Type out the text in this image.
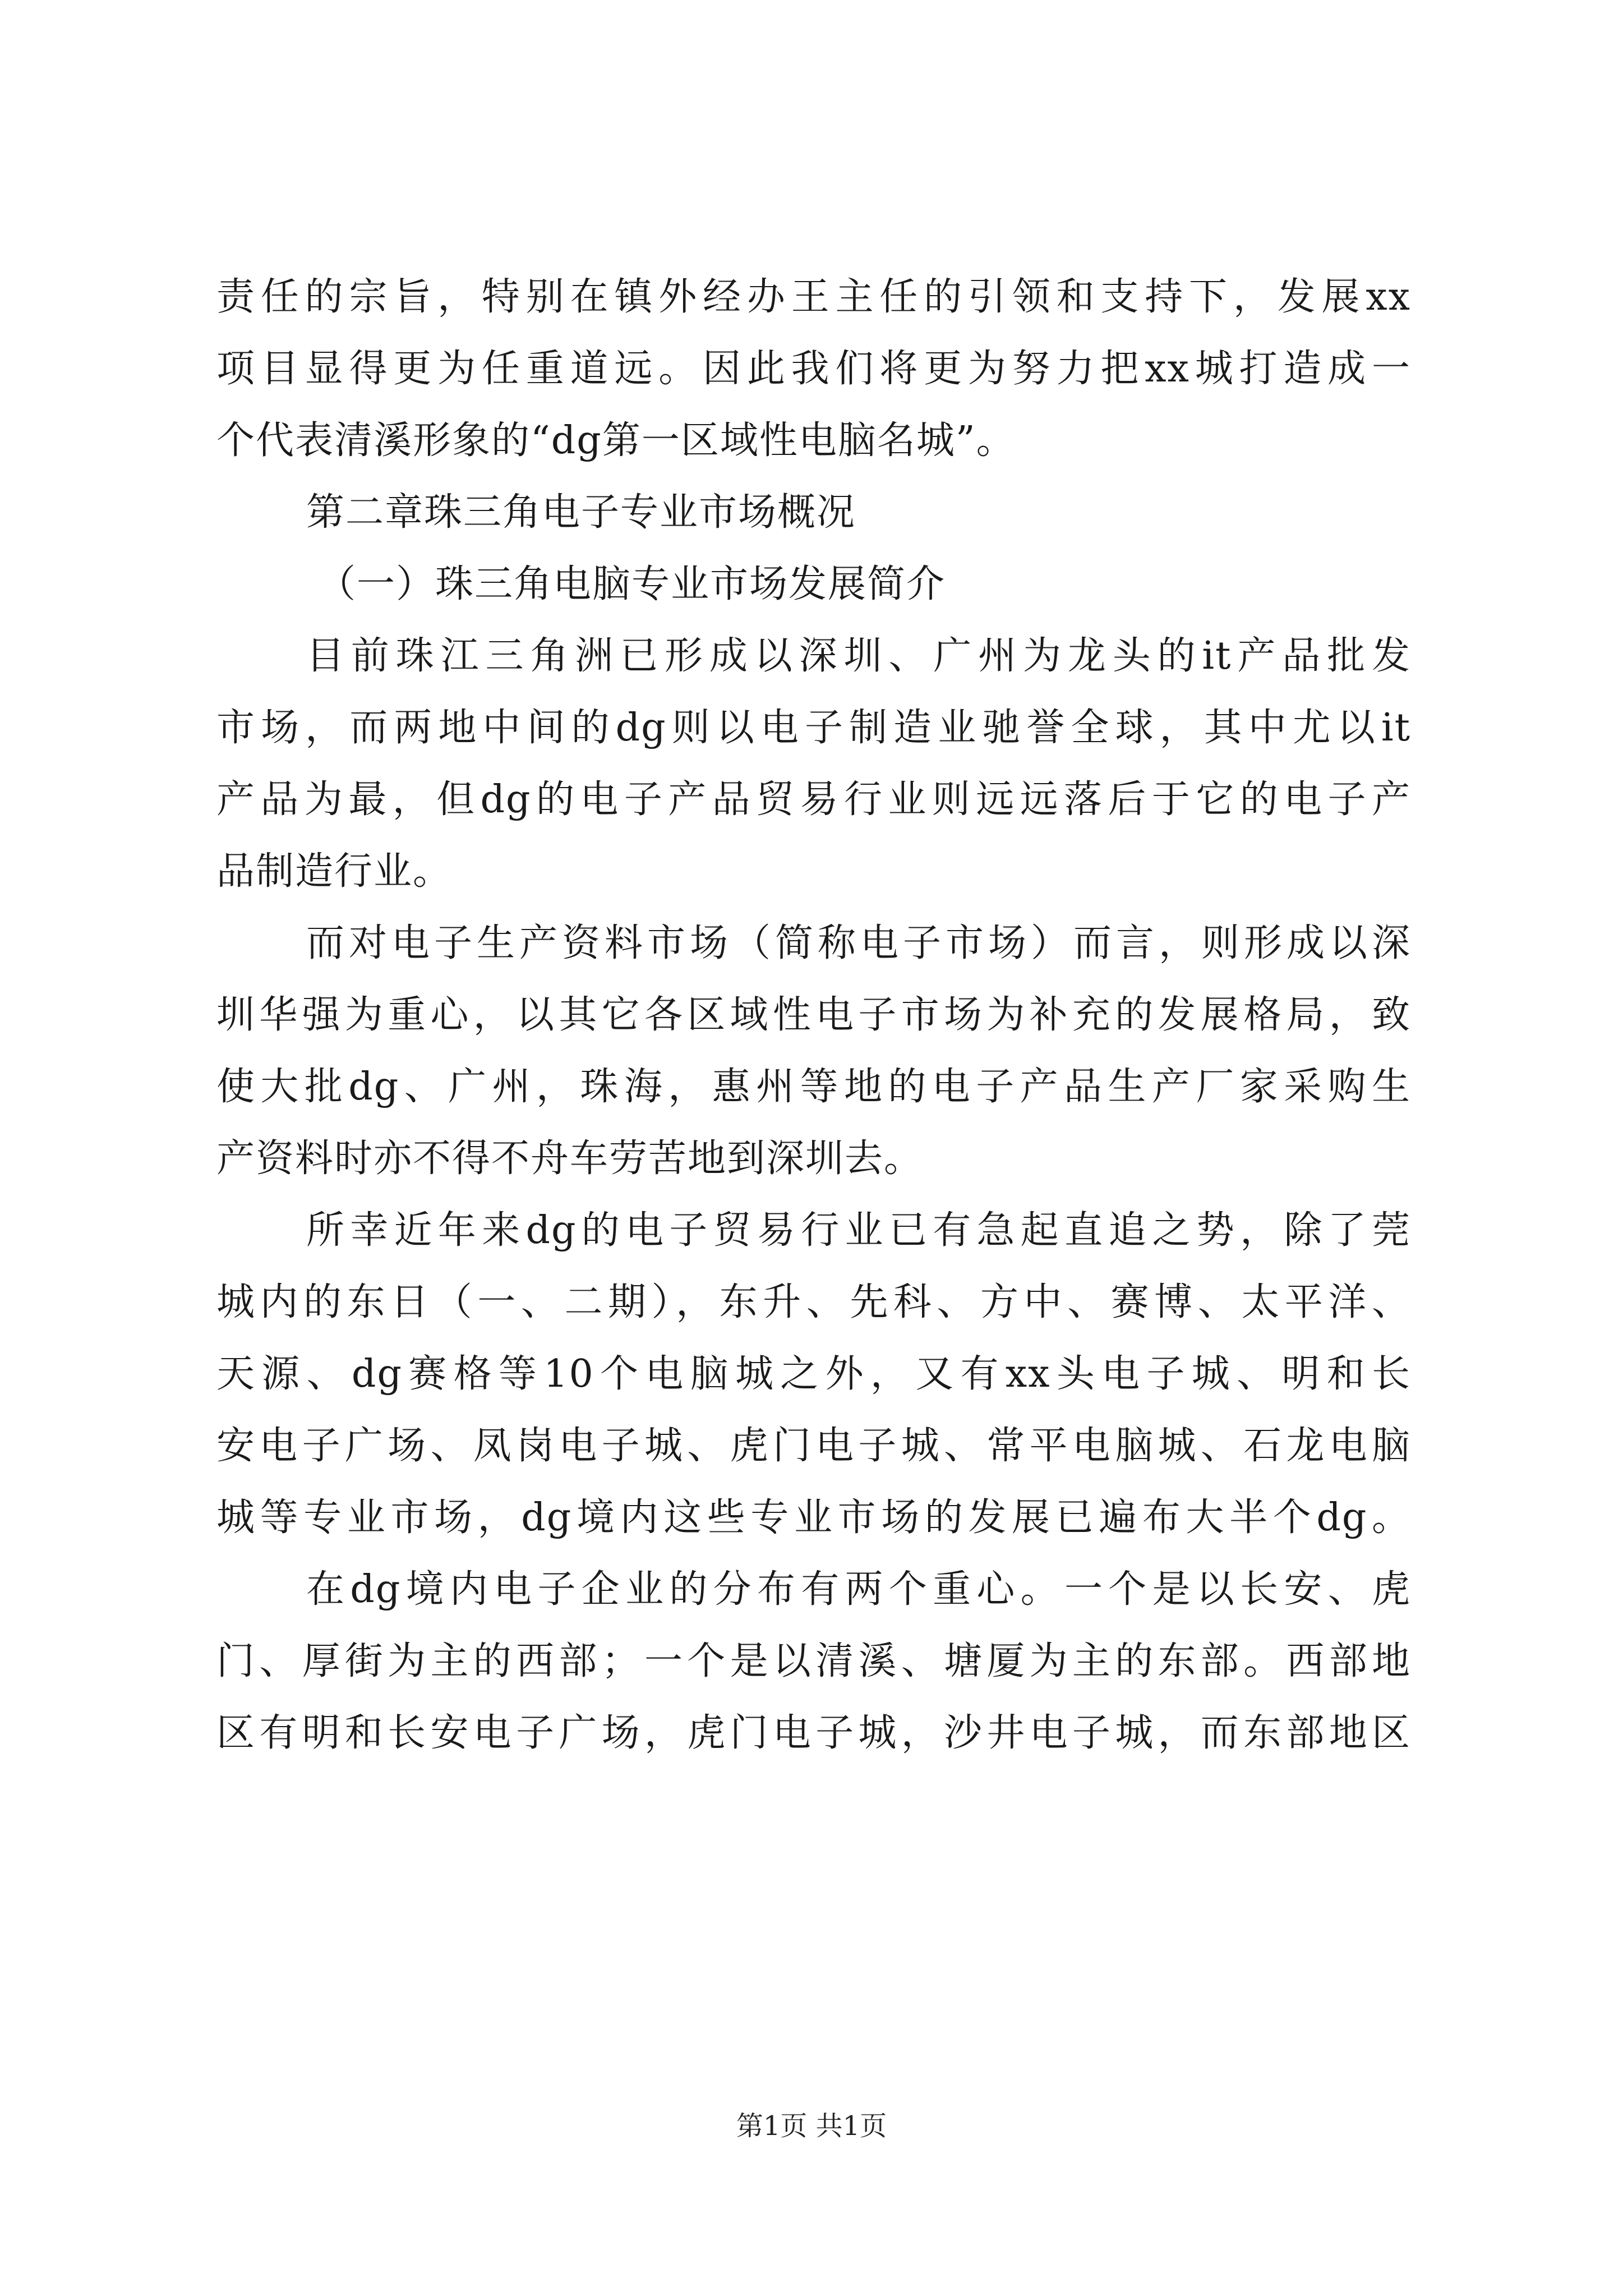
责任的宗旨，特别在镇外经办王主任的引领和支持下，发展xx
项目显得更为任重道远。因此我们将更为努力把xx城打造成一
个代表清溪形象的“dg第一区域性电脑名城”。
第二章珠三角电子专业市场概况
（一）珠三角电脑专业市场发展简介
目前珠江三角洲已形成以深圳、广州为龙头的it产品批发
市场，而两地中间的dg则以电子制造业驰誉全球，其中尤以it
产品为最，但dg的电子产品贸易行业则远远落后于它的电子产
品制造行业。
而对电子生产资料市场（简称电子市场）而言，则形成以深
圳华强为重心，以其它各区域性电子市场为补充的发展格局，致
使大批dg、广州，珠海，惠州等地的电子产品生产厂家采购生
产资料时亦不得不舟车劳苦地到深圳去。
所幸近年来dg的电子贸易行业已有急起直追之势，除了莞
城内的东日（一、二期），东升、先科、方中、赛博、太平洋、
天源、dg赛格等10个电脑城之外，又有xx头电子城、明和长
安电子广场、凤岗电子城、虎门电子城、常平电脑城、石龙电脑
城等专业市场，dg境内这些专业市场的发展已遍布大半个dg。
在dg境内电子企业的分布有两个重心。一个是以长安、虎
门、厚街为主的西部；一个是以清溪、塘厦为主的东部。西部地
区有明和长安电子广场，虎门电子城，沙井电子城，而东部地区
第1页 共1页
